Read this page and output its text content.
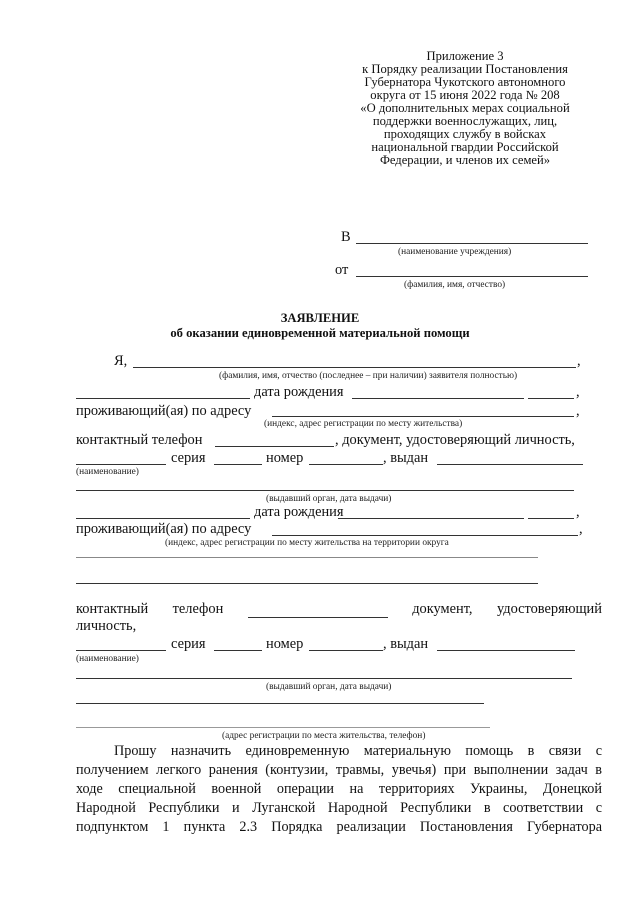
Приложение 3
к Порядку реализации Постановления
Губернатора Чукотского автономного
округа от 15 июня 2022 года № 208
«О дополнительных мерах социальной
поддержки военнослужащих, лиц,
проходящих службу в войсках
национальной гвардии Российской
Федерации, и членов их семей»
В
(наименование учреждения)
от
(фамилия, имя, отчество)
ЗАЯВЛЕНИЕ
об оказании единовременной материальной помощи
Я,	,
(фамилия, имя, отчество (последнее – при наличии) заявителя полностью)
дата рождения	,
проживающий(ая) по адресу	,
(индекс, адрес регистрации по месту жительства)
контактный телефон	, документ, удостоверяющий личность,
серия	номер	, выдан
(наименование)
(выдавший орган, дата выдачи)
дата рождения	,
проживающий(ая) по адресу	,
(индекс, адрес регистрации по месту жительства на территории округа
контактный телефон	документ, удостоверяющий
личность,
серия	номер	, выдан
(наименование)
(выдавший орган, дата выдачи)
(адрес регистрации по места жительства, телефон)
Прошу назначить единовременную материальную помощь в связи с
получением легкого ранения (контузии, травмы, увечья) при выполнении задач в
ходе специальной военной операции на территориях Украины, Донецкой
Народной Республики и Луганской Народной Республики в соответствии с
подпунктом 1 пункта 2.3 Порядка реализации Постановления Губернатора
